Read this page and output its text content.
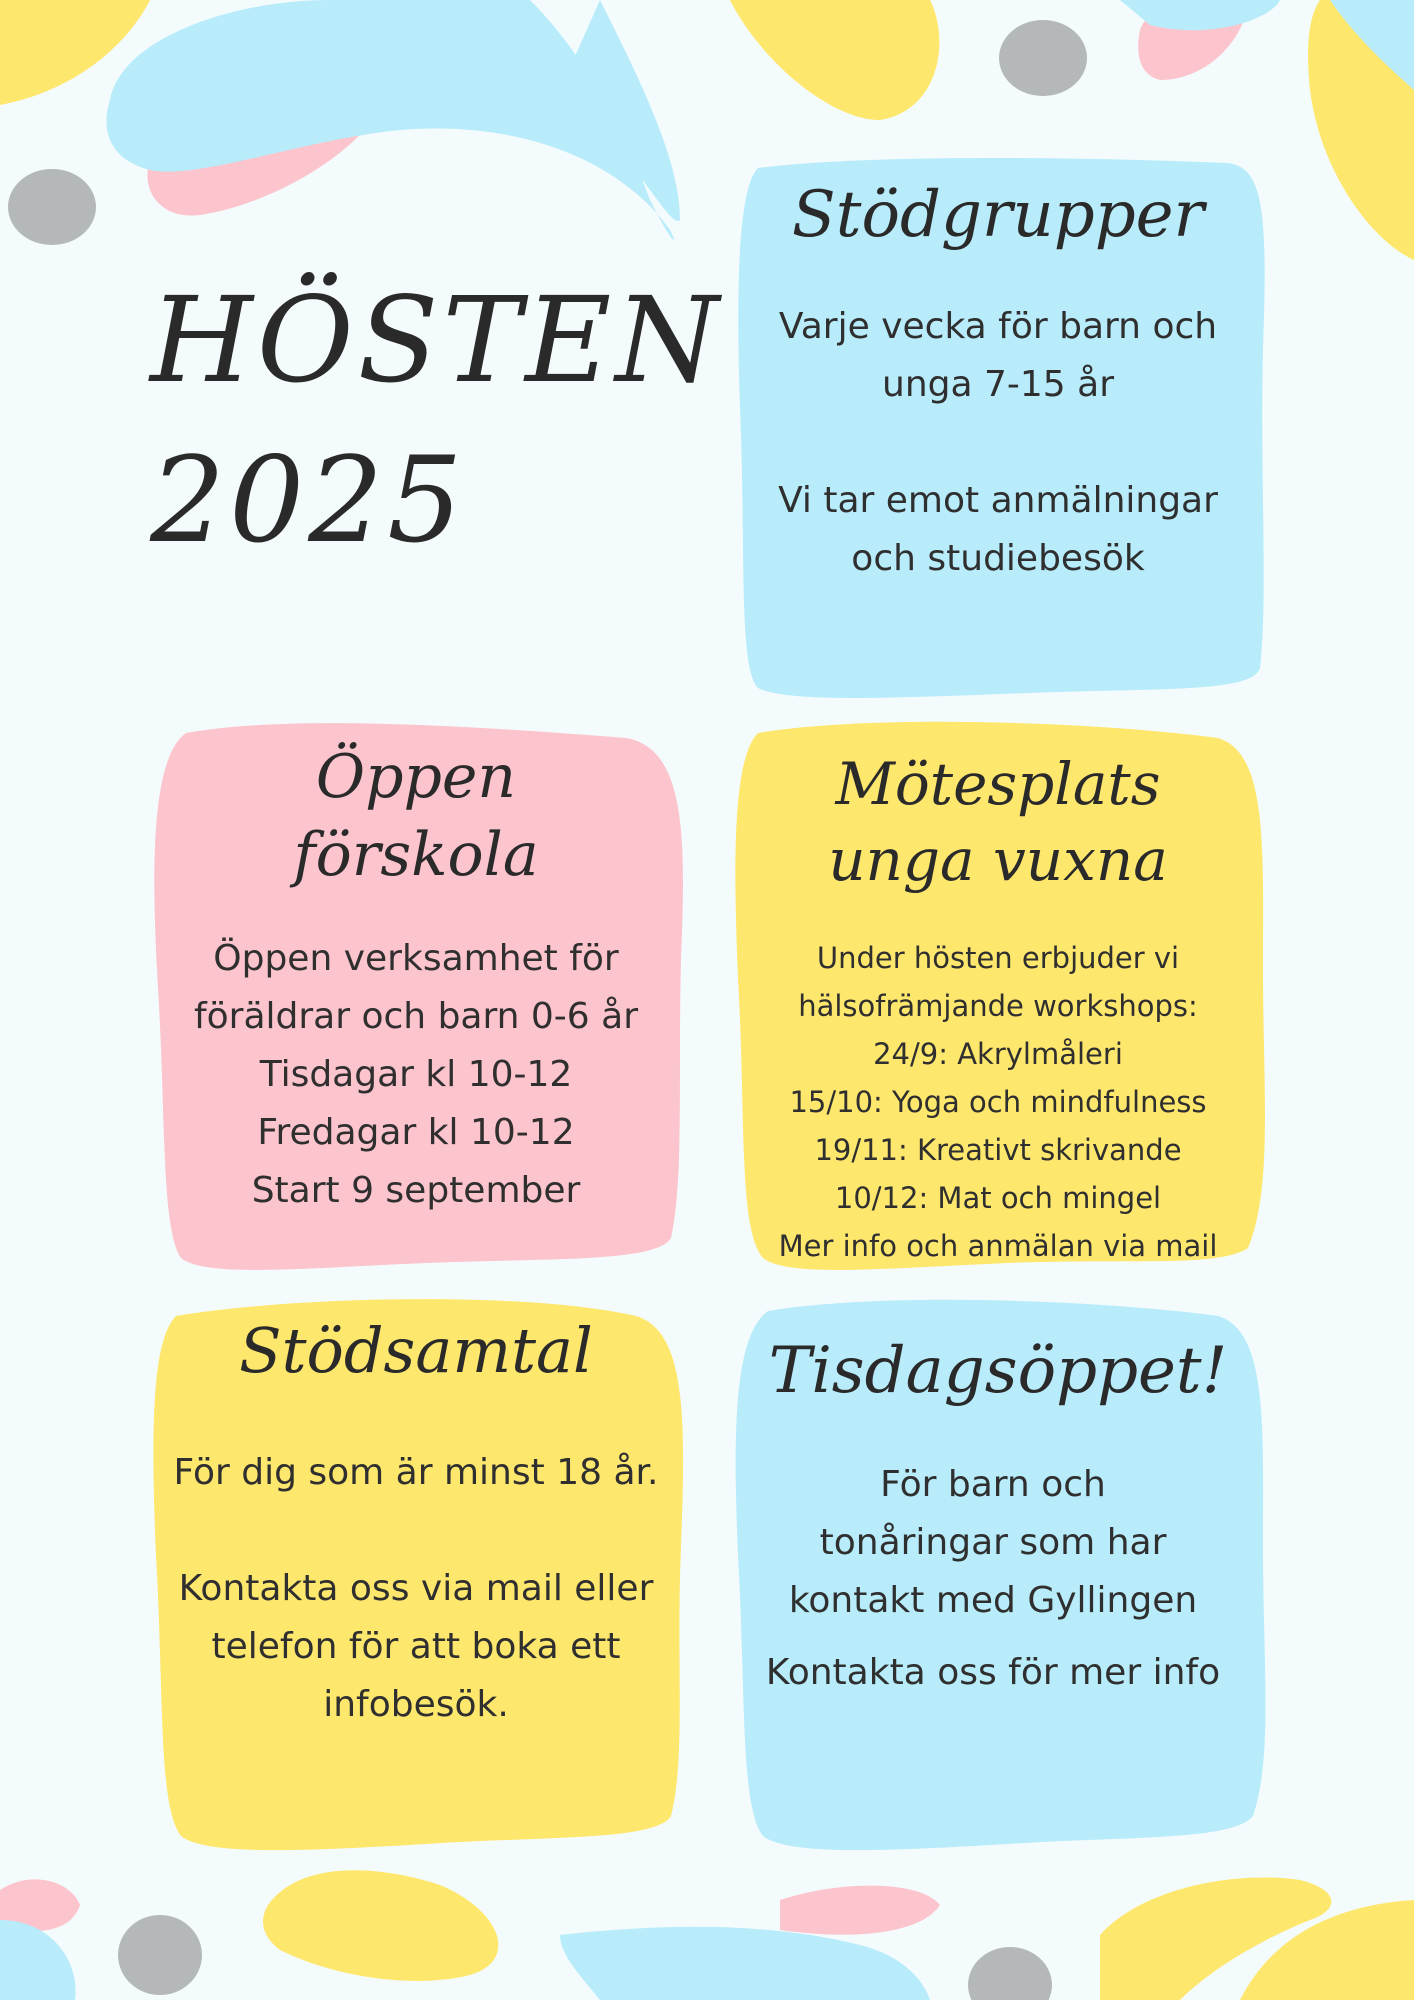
HÖSTEN
2025
Stödgrupper

Varje vecka för barn och unga 7-15 år

Vi tar emot anmälningar och studiebesök

Öppen förskola

Öppen verksamhet för föräldrar och barn 0-6 år

Tisdagar kl 10-12

Fredagar kl 10-12

Start 9 september

Mötesplats unga vuxna

Under hösten erbjuder vi hälsofrämjande workshops:

24/9: Akrylmåleri

15/10: Yoga och mindfulness

19/11: Kreativt skrivande

10/12: Mat och mingel

Mer info och anmälan via mail

Stödsamtal

För dig som är minst 18 år.

Kontakta oss via mail eller telefon för att boka ett infobesök.

Tisdagsöppet!

För barn och tonåringar som har kontakt med Gyllingen

Kontakta oss för mer info
